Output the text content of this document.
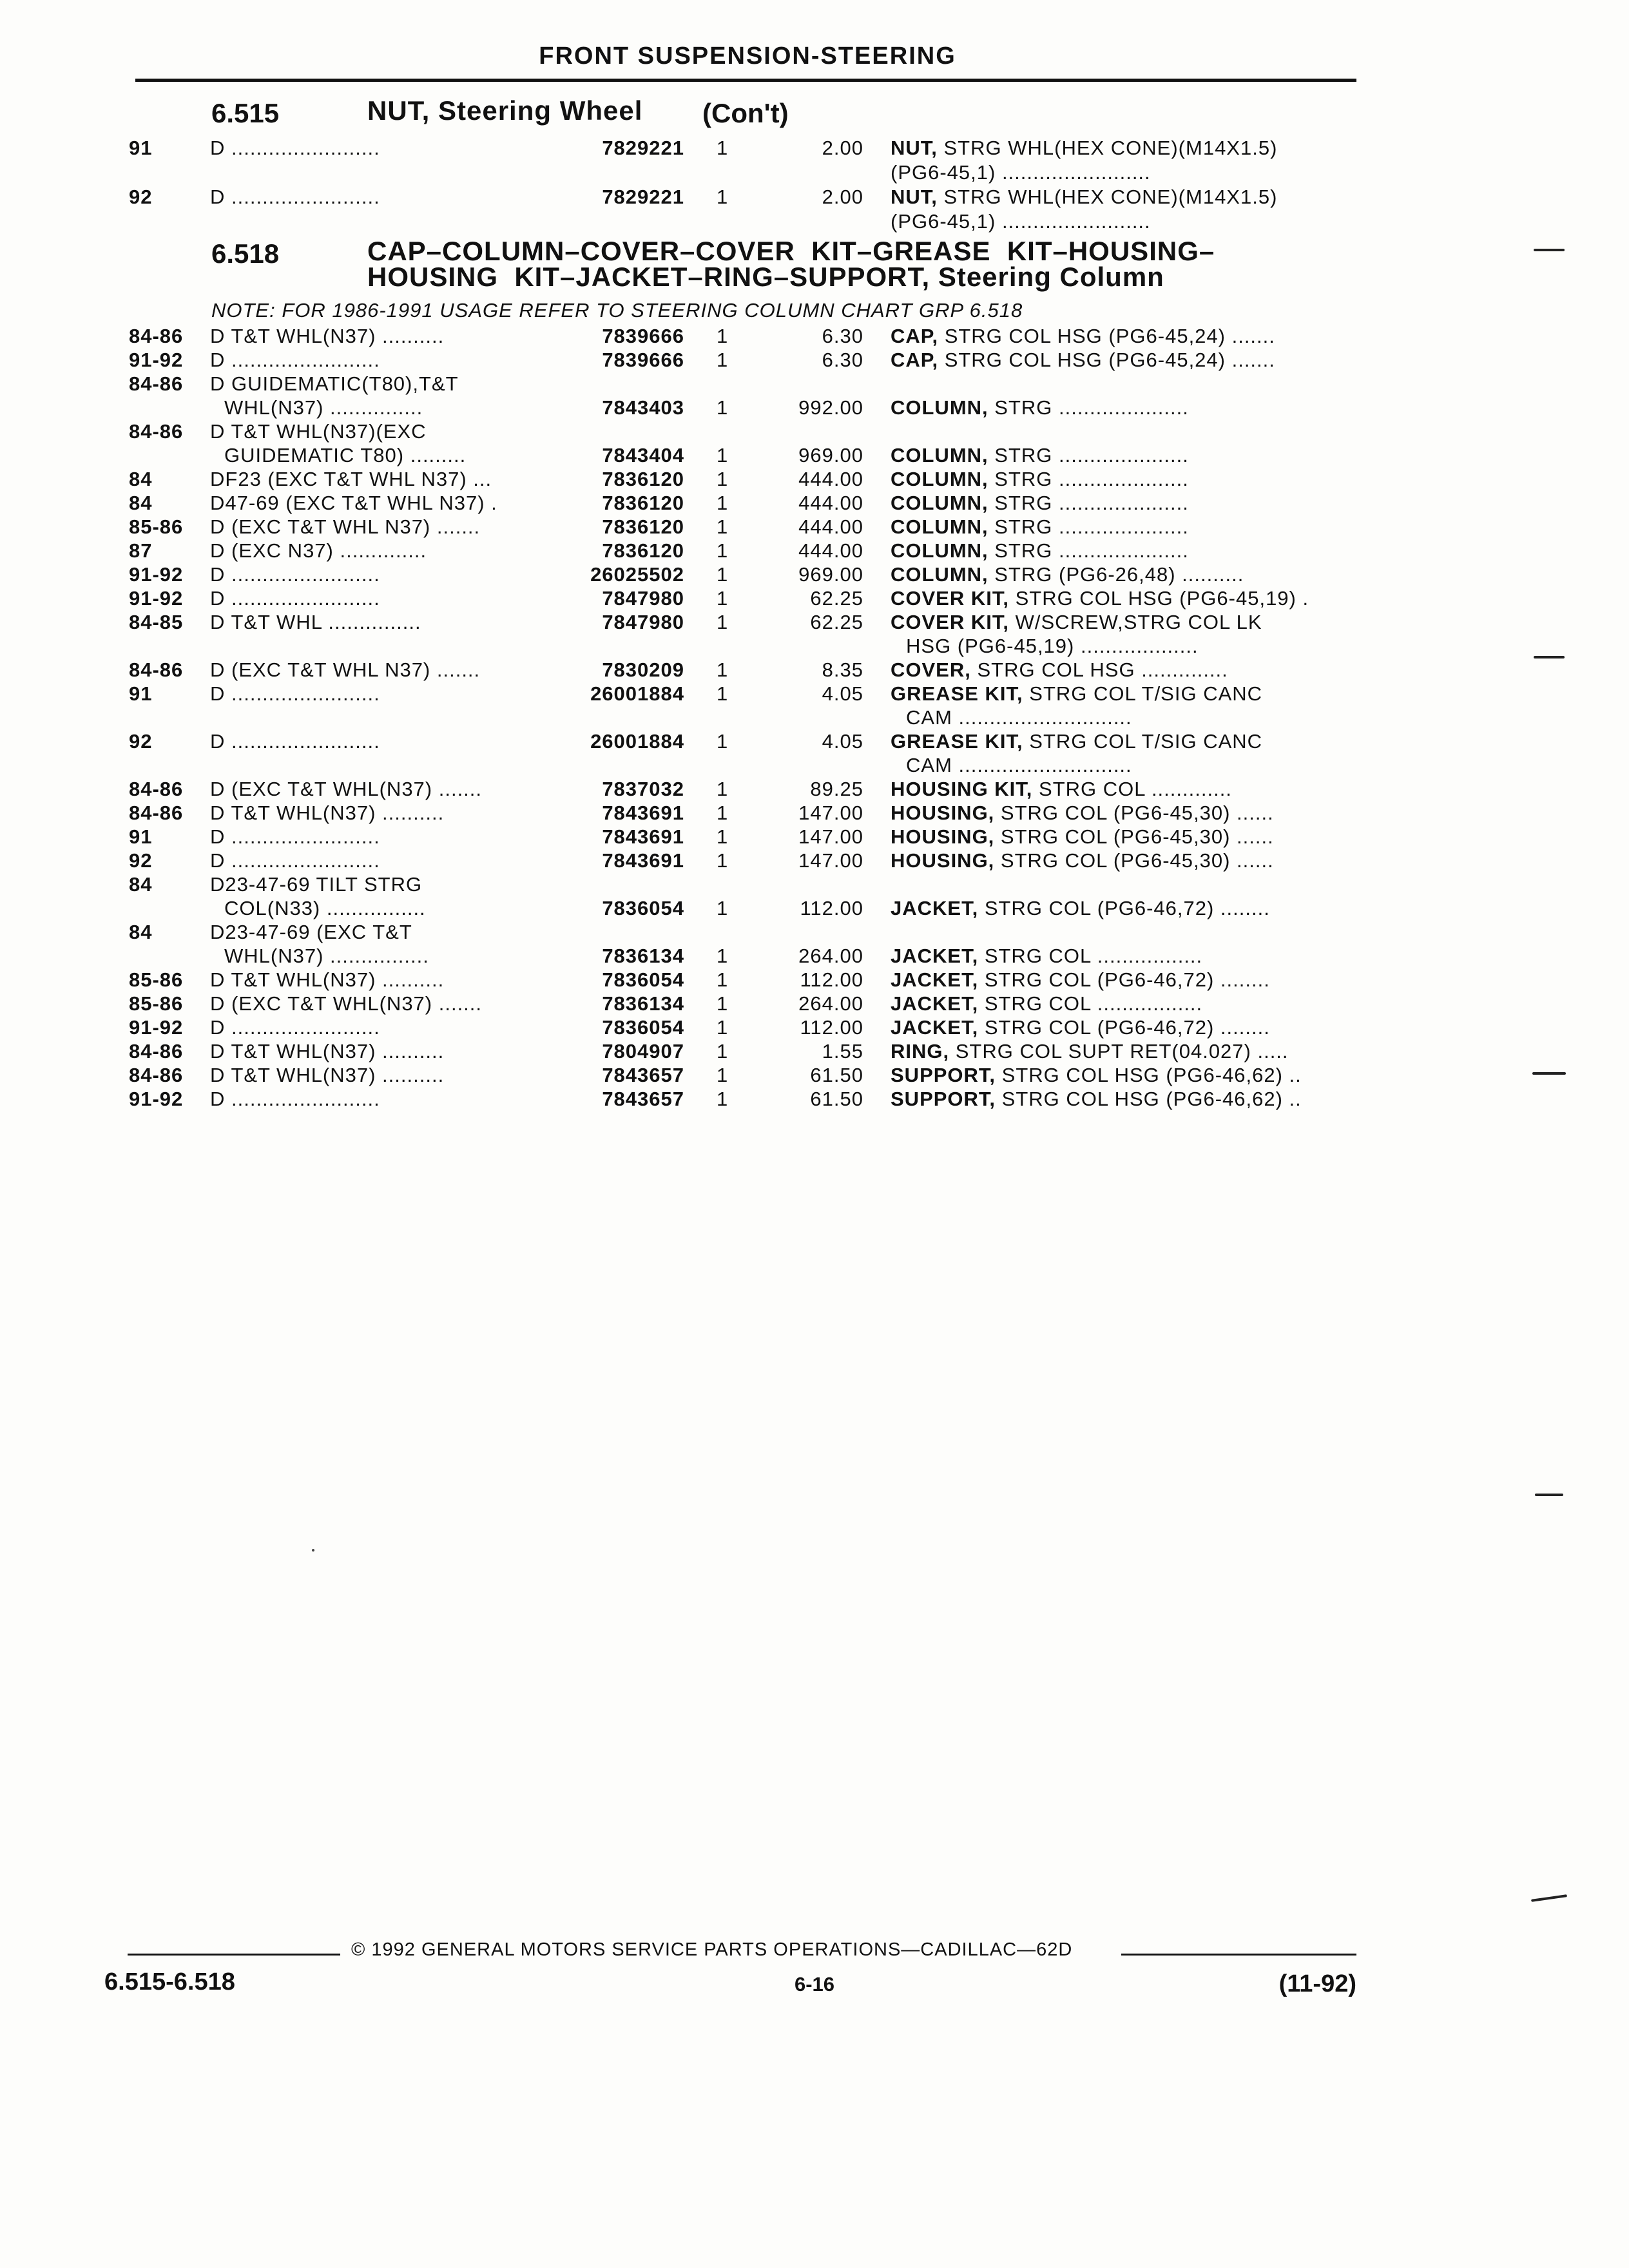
FRONT SUSPENSION-STEERING
6.515	NUT, Steering Wheel (Con't)
91	D ........................	7829221 1	2.00 NUT, STRG WHL(HEX CONE)(M14X1.5)
(PG6-45,1) ........................
92	D ........................	7829221 1	2.00 NUT, STRG WHL(HEX CONE)(M14X1.5)
(PG6-45,1) ........................
6.518	CAP–COLUMN–COVER–COVER  KIT–GREASE  KIT–HOUSING–
HOUSING  KIT–JACKET–RING–SUPPORT, Steering Column
NOTE: FOR 1986-1991 USAGE REFER TO STEERING COLUMN CHART GRP 6.518
84-86	D T&T WHL(N37) ..........	7839666 1	6.30 CAP, STRG COL HSG (PG6-45,24) .......
91-92	D ........................	7839666 1	6.30 CAP, STRG COL HSG (PG6-45,24) .......
84-86	D GUIDEMATIC(T80),T&T
WHL(N37) ...............	7843403 1	992.00 COLUMN, STRG .....................
84-86	D T&T WHL(N37)(EXC
GUIDEMATIC T80) .........	7843404 1	969.00 COLUMN, STRG .....................
84	DF23 (EXC T&T WHL N37) ...	7836120 1	444.00 COLUMN, STRG .....................
84	D47-69 (EXC T&T WHL N37) .	7836120 1	444.00 COLUMN, STRG .....................
85-86	D (EXC T&T WHL N37) .......	7836120 1	444.00 COLUMN, STRG .....................
87	D (EXC N37) ..............	7836120 1	444.00 COLUMN, STRG .....................
91-92	D ........................	26025502 1	969.00 COLUMN, STRG (PG6-26,48) ..........
91-92	D ........................	7847980 1	62.25 COVER KIT, STRG COL HSG (PG6-45,19) .
84-85	D T&T WHL ...............	7847980 1	62.25 COVER KIT, W/SCREW,STRG COL LK
HSG (PG6-45,19) ...................
84-86	D (EXC T&T WHL N37) .......	7830209 1	8.35 COVER, STRG COL HSG ..............
91	D ........................	26001884 1	4.05 GREASE KIT, STRG COL T/SIG CANC
CAM ............................
92	D ........................	26001884 1	4.05 GREASE KIT, STRG COL T/SIG CANC
CAM ............................
84-86	D (EXC T&T WHL(N37) .......	7837032 1	89.25 HOUSING KIT, STRG COL .............
84-86	D T&T WHL(N37) ..........	7843691 1	147.00 HOUSING, STRG COL (PG6-45,30) ......
91	D ........................	7843691 1	147.00 HOUSING, STRG COL (PG6-45,30) ......
92	D ........................	7843691 1	147.00 HOUSING, STRG COL (PG6-45,30) ......
84	D23-47-69 TILT STRG
COL(N33) ................	7836054 1	112.00 JACKET, STRG COL (PG6-46,72) ........
84	D23-47-69 (EXC T&T
WHL(N37) ................	7836134 1	264.00 JACKET, STRG COL .................
85-86	D T&T WHL(N37) ..........	7836054 1	112.00 JACKET, STRG COL (PG6-46,72) ........
85-86	D (EXC T&T WHL(N37) .......	7836134 1	264.00 JACKET, STRG COL .................
91-92	D ........................	7836054 1	112.00 JACKET, STRG COL (PG6-46,72) ........
84-86	D T&T WHL(N37) ..........	7804907 1	1.55 RING, STRG COL SUPT RET(04.027) .....
84-86	D T&T WHL(N37) ..........	7843657 1	61.50 SUPPORT, STRG COL HSG (PG6-46,62) ..
91-92	D ........................	7843657 1	61.50 SUPPORT, STRG COL HSG (PG6-46,62) ..
© 1992 GENERAL MOTORS SERVICE PARTS OPERATIONS—CADILLAC—62D
6.515-6.518	6-16	(11-92)
